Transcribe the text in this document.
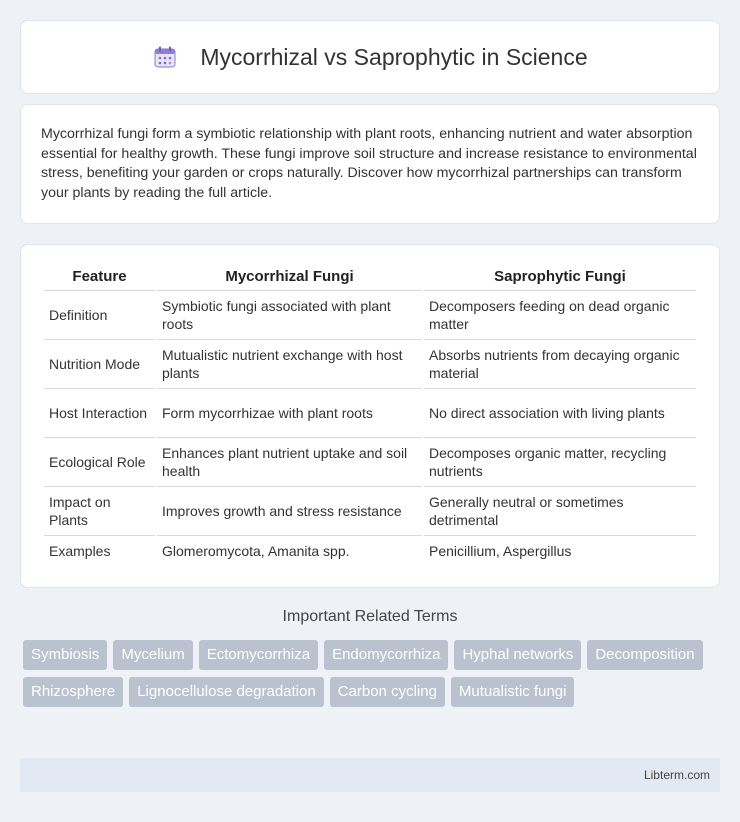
Mycorrhizal vs Saprophytic in Science

Mycorrhizal fungi form a symbiotic relationship with plant roots, enhancing nutrient and water absorption essential for healthy growth. These fungi improve soil structure and increase resistance to environmental stress, benefiting your garden or crops naturally. Discover how mycorrhizal partnerships can transform your plants by reading the full article.

Feature	Mycorrhizal Fungi	Saprophytic Fungi
Definition	Symbiotic fungi associated with plant roots	Decomposers feeding on dead organic matter
Nutrition Mode	Mutualistic nutrient exchange with host plants	Absorbs nutrients from decaying organic material
Host Interaction	Form mycorrhizae with plant roots	No direct association with living plants
Ecological Role	Enhances plant nutrient uptake and soil health	Decomposes organic matter, recycling nutrients
Impact on Plants	Improves growth and stress resistance	Generally neutral or sometimes detrimental
Examples	Glomeromycota, Amanita spp.	Penicillium, Aspergillus
Important Related Terms
Symbiosis	Mycelium	Ectomycorrhiza	Endomycorrhiza	Hyphal networks	Decomposition
Rhizosphere	Lignocellulose degradation	Carbon cycling	Mutualistic fungi
Libterm.com
